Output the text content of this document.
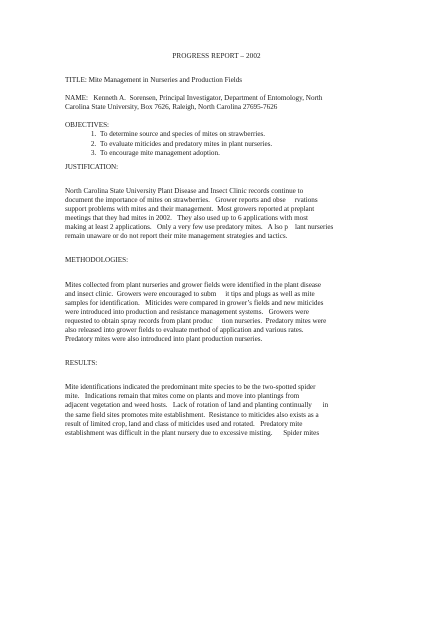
PROGRESS REPORT – 2002

TITLE: Mite Management in Nurseries and Production Fields

NAME:   Kenneth A.  Sorensen, Principal Investigator, Department of Entomology, North
Carolina State University, Box 7626, Raleigh, North Carolina 27695-7626

OBJECTIVES:

1. To determine source and species of mites on strawberries.
2. To evaluate miticides and predatory mites in plant nurseries.
3. To encourage mite management adoption.

JUSTIFICATION:

North Carolina State University Plant Disease and Insect Clinic records continue to
document the importance of mites on strawberries.   Grower reports and obse     rvations
support problems with mites and their management.  Most growers reported at preplant
meetings that they had mites in 2002.   They also used up to 6 applications with most
making at least 2 applications.   Only a very few use predatory mites.   A lso p    lant nurseries
remain unaware or do not report their mite management strategies and tactics.

METHODOLOGIES:

Mites collected from plant nurseries and grower fields were identified in the plant disease
and insect clinic.  Growers were encouraged to subm     it tips and plugs as well as mite
samples for identification.   Miticides were compared in grower’s fields and new miticides
were introduced into production and resistance management systems.   Growers were
requested to obtain spray records from plant produc     tion nurseries.  Predatory mites were
also released into grower fields to evaluate method of application and various rates.
Predatory mites were also introduced into plant production nurseries.

RESULTS:

Mite identifications indicated the predominant mite species to be the two-spotted spider
mite.   Indications remain that mites come on plants and move into plantings from
adjacent vegetation and weed hosts.   Lack of rotation of land and planting continually      in
the same field sites promotes mite establishment.  Resistance to miticides also exists as a
result of limited crop, land and class of miticides used and rotated.   Predatory mite
establishment was difficult in the plant nursery due to excessive misting.      Spider mites
